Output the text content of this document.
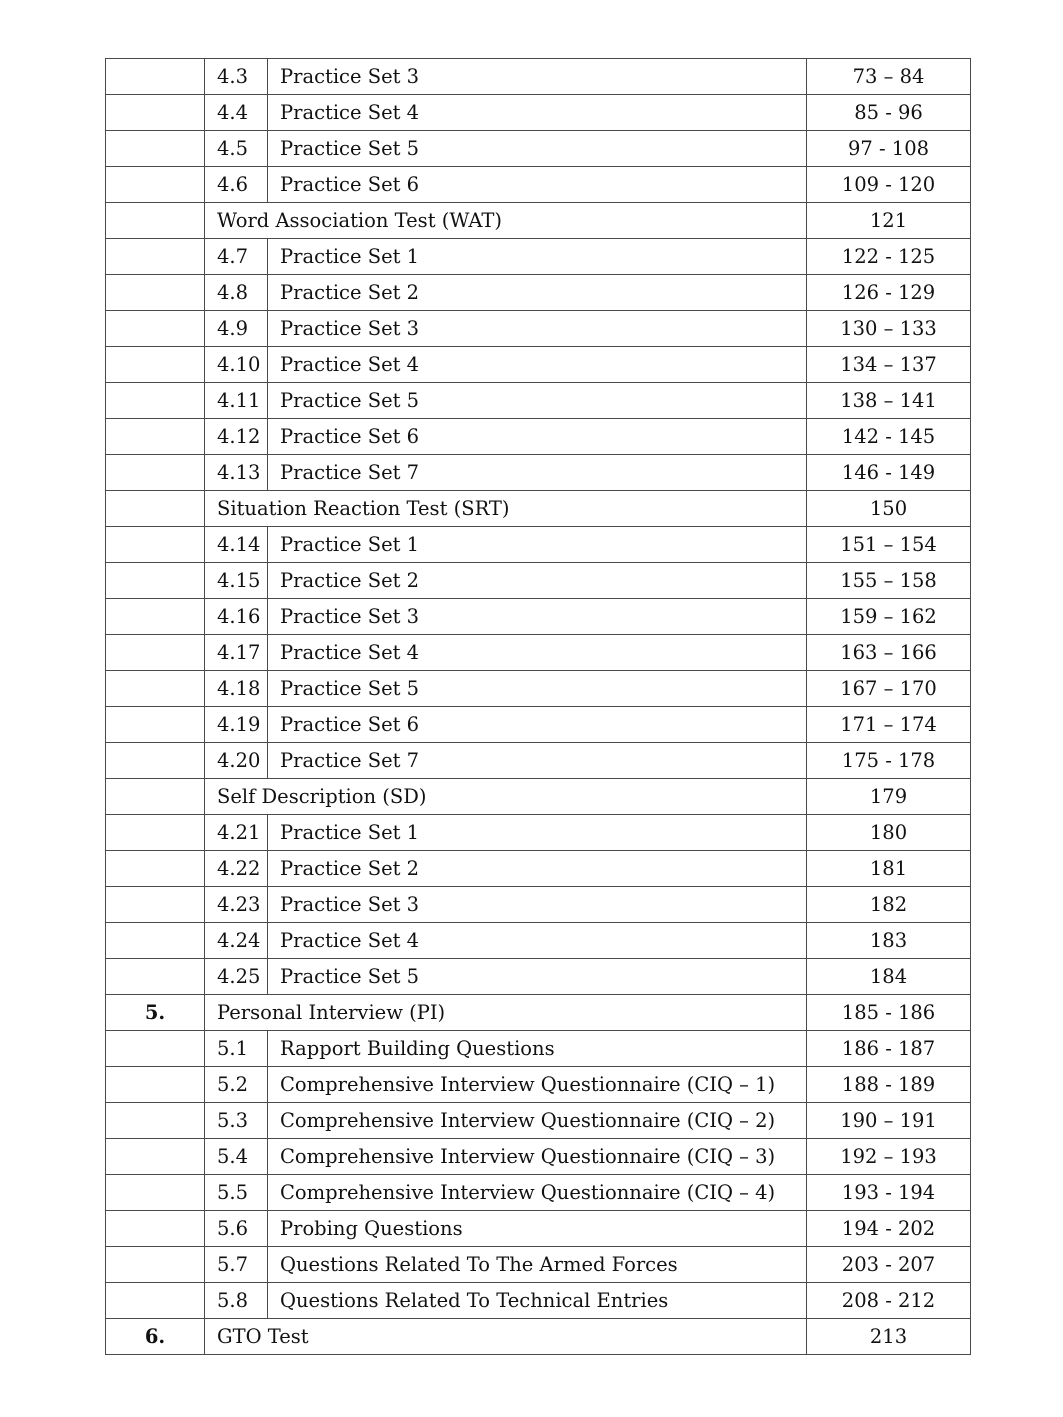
	4.3	Practice Set 3	73 – 84
	4.4	Practice Set 4	85 - 96
	4.5	Practice Set 5	97 - 108
	4.6	Practice Set 6	109 - 120
	Word Association Test (WAT)		121
	4.7	Practice Set 1	122 - 125
	4.8	Practice Set 2	126 - 129
	4.9	Practice Set 3	130 – 133
	4.10	Practice Set 4	134 – 137
	4.11	Practice Set 5	138 – 141
	4.12	Practice Set 6	142 - 145
	4.13	Practice Set 7	146 - 149
	Situation Reaction Test (SRT)		150
	4.14	Practice Set 1	151 – 154
	4.15	Practice Set 2	155 – 158
	4.16	Practice Set 3	159 – 162
	4.17	Practice Set 4	163 – 166
	4.18	Practice Set 5	167 – 170
	4.19	Practice Set 6	171 – 174
	4.20	Practice Set 7	175 - 178
	Self Description (SD)		179
	4.21	Practice Set 1	180
	4.22	Practice Set 2	181
	4.23	Practice Set 3	182
	4.24	Practice Set 4	183
	4.25	Practice Set 5	184
5.	Personal Interview (PI)		185 - 186
	5.1	Rapport Building Questions	186 - 187
	5.2	Comprehensive Interview Questionnaire (CIQ – 1)	188 - 189
	5.3	Comprehensive Interview Questionnaire (CIQ – 2)	190 – 191
	5.4	Comprehensive Interview Questionnaire (CIQ – 3)	192 – 193
	5.5	Comprehensive Interview Questionnaire (CIQ – 4)	193 - 194
	5.6	Probing Questions	194 - 202
	5.7	Questions Related To The Armed Forces	203 - 207
	5.8	Questions Related To Technical Entries	208 - 212
6.	GTO Test		213
